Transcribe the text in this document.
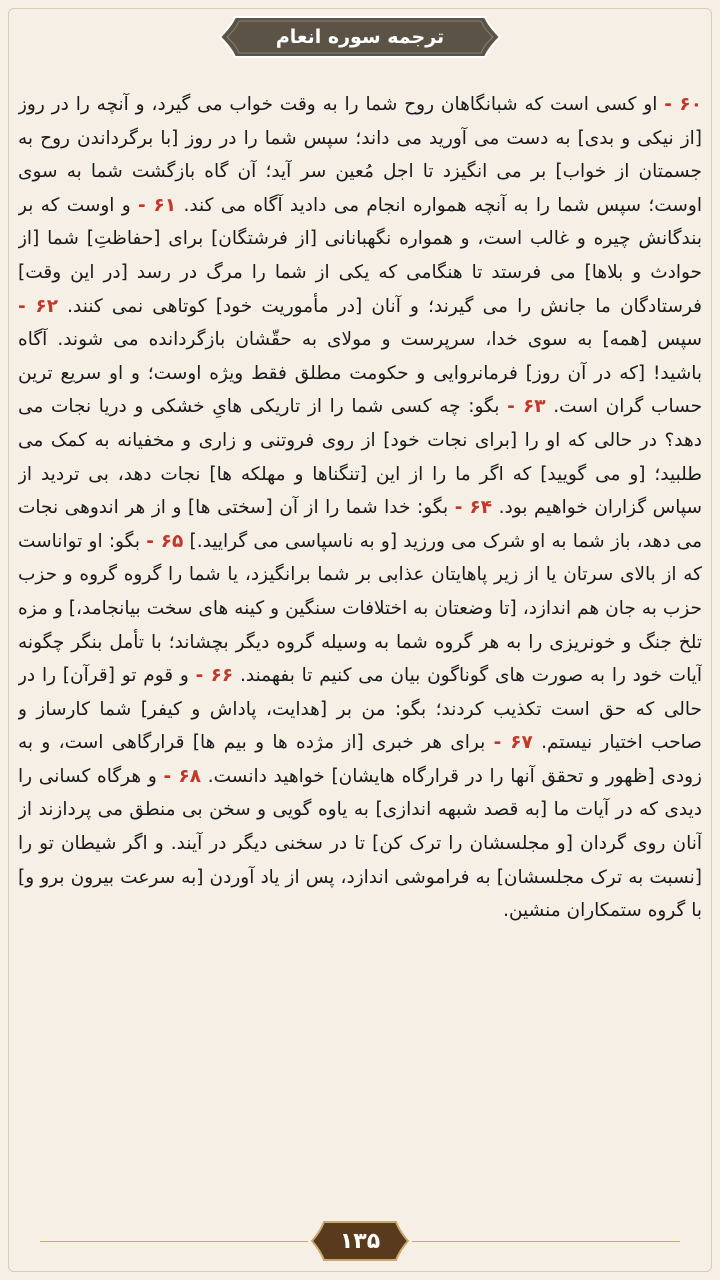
ترجمه سوره انعام
۶۰ - او کسی است که شبانگاهان روح شما را به وقت خواب می گیرد، و آنچه را در روز [از نیکی و بدی] به دست می آورید می داند؛ سپس شما را در روز [با برگرداندن روح به جسمتان از خواب] بر می انگیزد تا اجل مُعین سر آید؛ آن گاه بازگشت شما به سوی اوست؛ سپس شما را به آنچه همواره انجام می دادید آگاه می کند. ۶۱ - و اوست که بر بندگانش چیره و غالب است، و همواره نگهبانانی [از فرشتگان] برای [حفاظتِ] شما [از حوادث و بلاها] می فرستد تا هنگامی که یکی از شما را مرگ در رسد [در این وقت] فرستادگان ما جانش را می گیرند؛ و آنان [در مأموریت خود] کوتاهی نمی کنند. ۶۲ - سپس [همه] به سوی خدا، سرپرست و مولای به حقّشان بازگردانده می شوند. آگاه باشید! [که در آن روز] فرمانروایی و حکومت مطلق فقط ویژه اوست؛ و او سریع ترین حساب گران است. ۶۳ - بگو: چه کسی شما را از تاریکی هایِ خشکی و دریا نجات می دهد؟ در حالی که او را [برای نجات خود] از روی فروتنی و زاری و مخفیانه به کمک می طلبید؛ [و می گویید] که اگر ما را از این [تنگناها و مهلکه ها] نجات دهد، بی تردید از سپاس گزاران خواهیم بود. ۶۴ - بگو: خدا شما را از آن [سختی ها] و از هر اندوهی نجات می دهد، باز شما به او شرک می ورزید [و به ناسپاسی می گرایید.] ۶۵ - بگو: او تواناست که از بالای سرتان یا از زیر پاهایتان عذابی بر شما برانگیزد، یا شما را گروه گروه و حزب حزب به جان هم اندازد، [تا وضعتان به اختلافات سنگین و کینه های سخت بیانجامد،] و مزه تلخ جنگ و خونریزی را به هر گروه شما به وسیله گروه دیگر بچشاند؛ با تأمل بنگر چگونه آیات خود را به صورت های گوناگون بیان می کنیم تا بفهمند. ۶۶ - و قوم تو [قرآن] را در حالی که حق است تکذیب کردند؛ بگو: من بر [هدایت، پاداش و کیفر] شما کارساز و صاحب اختیار نیستم. ۶۷ - برای هر خبری [از مژده ها و بیم ها] قرارگاهی است، و به زودی [ظهور و تحقق آنها را در قرارگاه هایشان] خواهید دانست. ۶۸ - و هرگاه کسانی را دیدی که در آیات ما [به قصد شبهه اندازی] به یاوه گویی و سخن بی منطق می پردازند از آنان روی گردان [و مجلسشان را ترک کن] تا در سخنی دیگر در آیند. و اگر شیطان تو را [نسبت به ترک مجلسشان] به فراموشی اندازد، پس از یاد آوردن [به سرعت بیرون برو و] با گروه ستمکاران منشین.
۱۳۵
